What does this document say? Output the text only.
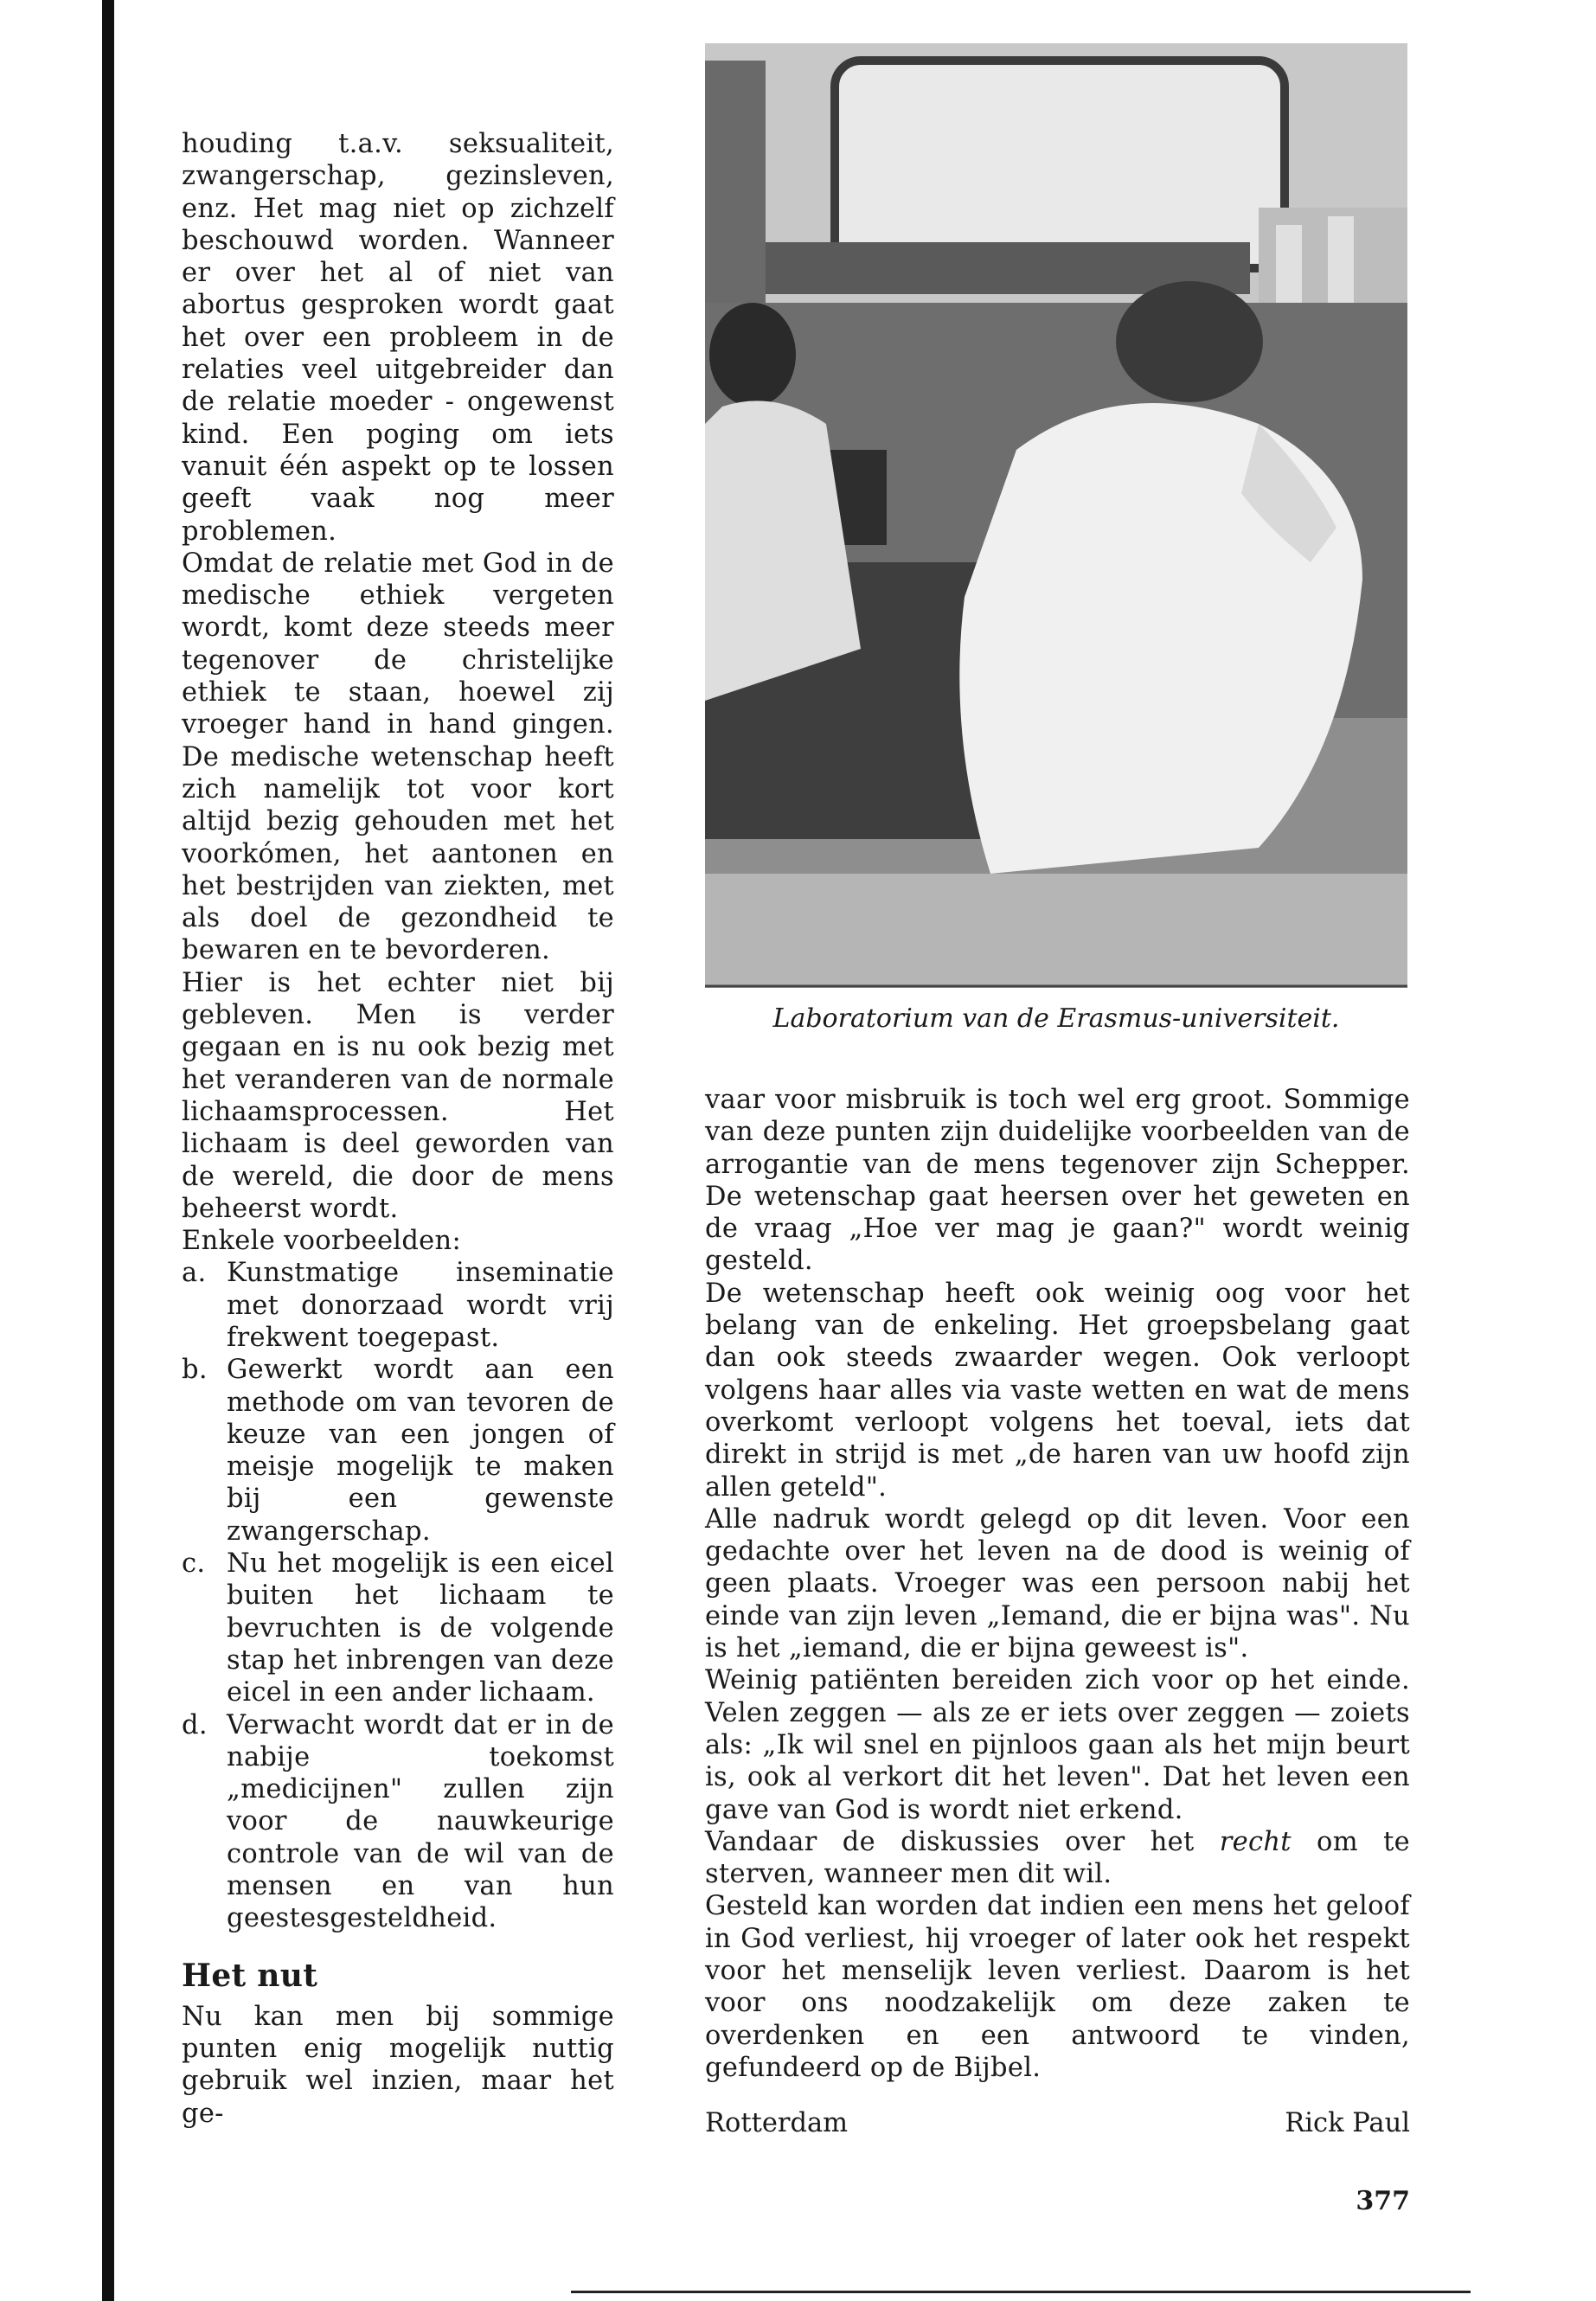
houding t.a.v. seksualiteit, zwangerschap, gezinsleven, enz. Het mag niet op zichzelf beschouwd worden. Wanneer er over het al of niet van abortus gesproken wordt gaat het over een probleem in de relaties veel uitgebreider dan de relatie moeder - ongewenst kind. Een poging om iets vanuit één aspekt op te lossen geeft vaak nog meer problemen.

Omdat de relatie met God in de medische ethiek vergeten wordt, komt deze steeds meer tegenover de christelijke ethiek te staan, hoewel zij vroeger hand in hand gingen. De medische wetenschap heeft zich namelijk tot voor kort altijd bezig gehouden met het voorkómen, het aantonen en het bestrijden van ziekten, met als doel de gezondheid te bewaren en te bevorderen.

Hier is het echter niet bij gebleven. Men is verder gegaan en is nu ook bezig met het veranderen van de normale lichaamsprocessen. Het lichaam is deel geworden van de wereld, die door de mens beheerst wordt.

Enkele voorbeelden:

a. Kunstmatige inseminatie met donorzaad wordt vrij frekwent toegepast.
b. Gewerkt wordt aan een methode om van tevoren de keuze van een jongen of meisje mogelijk te maken bij een gewenste zwangerschap.
c. Nu het mogelijk is een eicel buiten het lichaam te bevruchten is de volgende stap het inbrengen van deze eicel in een ander lichaam.
d. Verwacht wordt dat er in de nabije toekomst „medicijnen" zullen zijn voor de nauwkeurige controle van de wil van de mensen en van hun geestesgesteldheid.
Het nut

Nu kan men bij sommige punten enig mogelijk nuttig gebruik wel inzien, maar het ge-

Laboratorium van de Erasmus-universiteit.

vaar voor misbruik is toch wel erg groot. Sommige van deze punten zijn duidelijke voorbeelden van de arrogantie van de mens tegenover zijn Schepper. De wetenschap gaat heersen over het geweten en de vraag „Hoe ver mag je gaan?" wordt weinig gesteld.

De wetenschap heeft ook weinig oog voor het belang van de enkeling. Het groepsbelang gaat dan ook steeds zwaarder wegen. Ook verloopt volgens haar alles via vaste wetten en wat de mens overkomt verloopt volgens het toeval, iets dat direkt in strijd is met „de haren van uw hoofd zijn allen geteld".

Alle nadruk wordt gelegd op dit leven. Voor een gedachte over het leven na de dood is weinig of geen plaats. Vroeger was een persoon nabij het einde van zijn leven „Iemand, die er bijna was". Nu is het „iemand, die er bijna geweest is".

Weinig patiënten bereiden zich voor op het einde. Velen zeggen — als ze er iets over zeggen — zoiets als: „Ik wil snel en pijnloos gaan als het mijn beurt is, ook al verkort dit het leven". Dat het leven een gave van God is wordt niet erkend.

Vandaar de diskussies over het recht om te sterven, wanneer men dit wil.

Gesteld kan worden dat indien een mens het geloof in God verliest, hij vroeger of later ook het respekt voor het menselijk leven verliest. Daarom is het voor ons noodzakelijk om deze zaken te overdenken en een antwoord te vinden, gefundeerd op de Bijbel.

Rotterdam	Rick Paul
377
